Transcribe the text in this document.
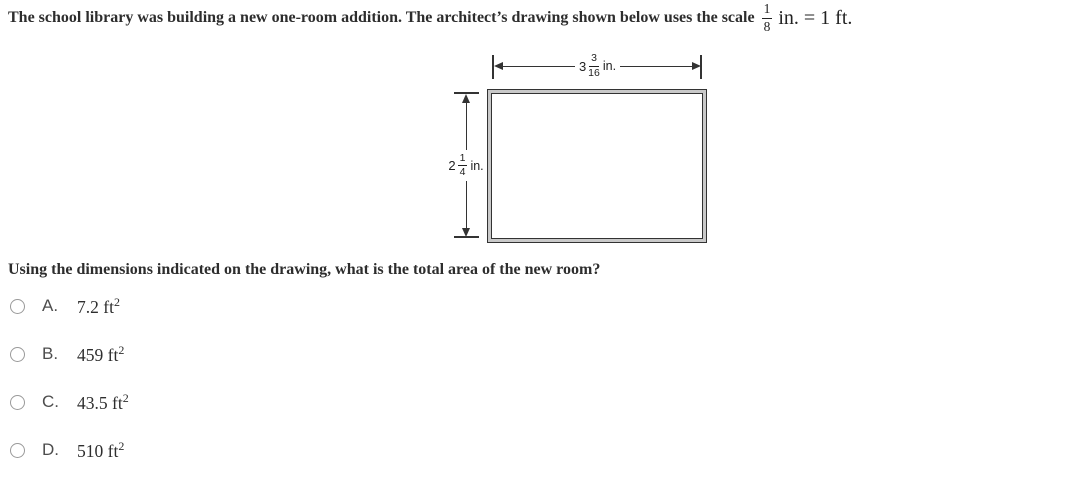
The school library was building a new one-room addition. The architect’s drawing shown below uses the scale $\frac{1}{8}$ in. = 1 ft.
$3 \frac{3}{16}$ in.
$2 \frac{1}{4}$ in.
Using the dimensions indicated on the drawing, what is the total area of the new room?
A.	7.2 $ft^2$
B.	459 $ft^2$
C.	43.5 $ft^2$
D.	510 $ft^2$
